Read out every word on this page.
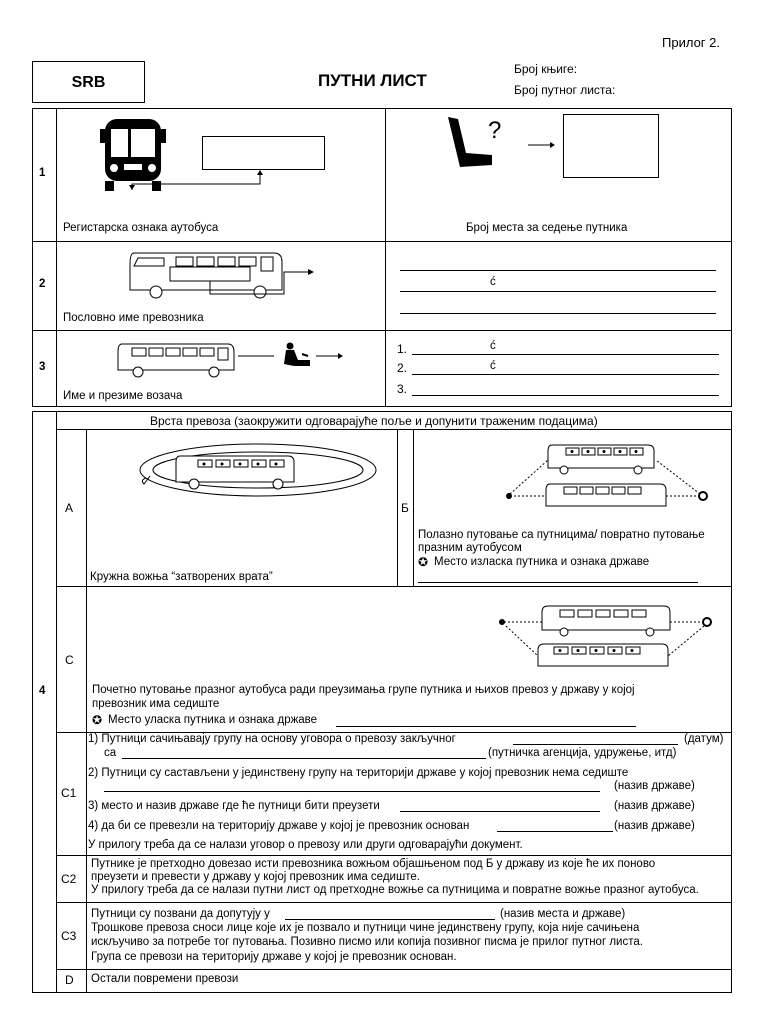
Прилог 2.
SRB	ПУТНИ ЛИСТ
Број књиге:
Број путног листа:
1
Регистарска ознака аутобуса
?
Број места за седење путника
2
Пословно име превозника
ć
3
Име и презиме возача
1.	ć
2.	ć
3.
4
Врста превоза (заокружити одговарајуће поље и допунити траженим подацима)
A
Кружна вожња “затворених врата”
Б
Полазно путовање са путницима/ повратно путовање
празним аутобусом
✪ Место изласка путника и ознака државе
C
Почетно путовање празног аутобуса ради преузимања групе путника и њихов превоз у државу у којој
превозник има седиште
✪ Место уласка путника и ознака државе
C1
1) Путници сачињавају групу на основу уговора о превозу закључног	(датум)
са	(путничка агенција, удружење, итд)
2) Путници су састављени у јединствену групу на територији државе у којој превозник нема седиште
(назив државе)
3) место и назив државе где ће путници бити преузети	(назив државе)
4) да би се превезли на територију државе у којој је превозник основан	(назив државе)
У прилогу треба да се налази уговор о превозу или други одговарајући документ.
C2
Путнике је претходно довезао исти превозника вожњом објашњеном под Б у државу из које ће их поново
преузети и превести у државу у којој превозник има седиште.
У прилогу треба да се налази путни лист од претходне вожње са путницима и повратне вожње празног аутобуса.
C3
Путници су позвани да допутују у	(назив места и државе)
Трошкове превоза сноси лице које их је позвало и путници чине јединствену групу, која није сачињена
искључиво за потребе тог путовања. Позивно писмо или копија позивног писма је прилог путног листа.
Група се превози на територију државе у којој је превозник основан.
D Остали повремени превози
